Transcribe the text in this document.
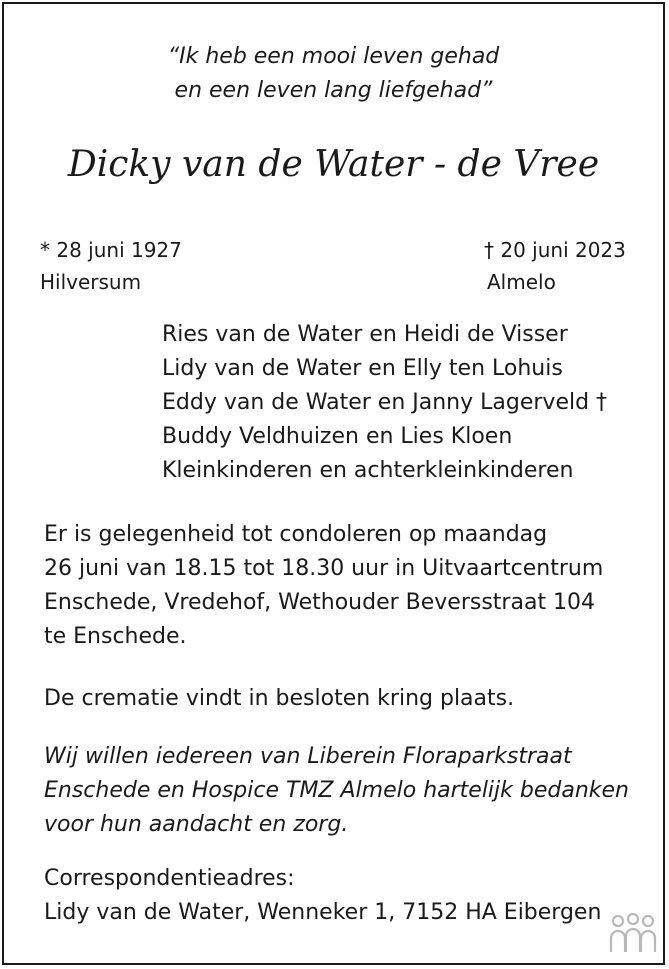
“Ik heb een mooi leven gehad
en een leven lang liefgehad”
Dicky van de Water - de Vree
* 28 juni 1927
Hilversum
† 20 juni 2023
Almelo
Ries van de Water en Heidi de Visser
Lidy van de Water en Elly ten Lohuis
Eddy van de Water en Janny Lagerveld †
Buddy Veldhuizen en Lies Kloen
Kleinkinderen en achterkleinkinderen
Er is gelegenheid tot condoleren op maandag
26 juni van 18.15 tot 18.30 uur in Uitvaartcentrum
Enschede, Vredehof, Wethouder Beversstraat 104
te Enschede.
De crematie vindt in besloten kring plaats.
Wij willen iedereen van Liberein Floraparkstraat
Enschede en Hospice TMZ Almelo hartelijk bedanken
voor hun aandacht en zorg.
Correspondentieadres:
Lidy van de Water, Wenneker 1, 7152 HA Eibergen
